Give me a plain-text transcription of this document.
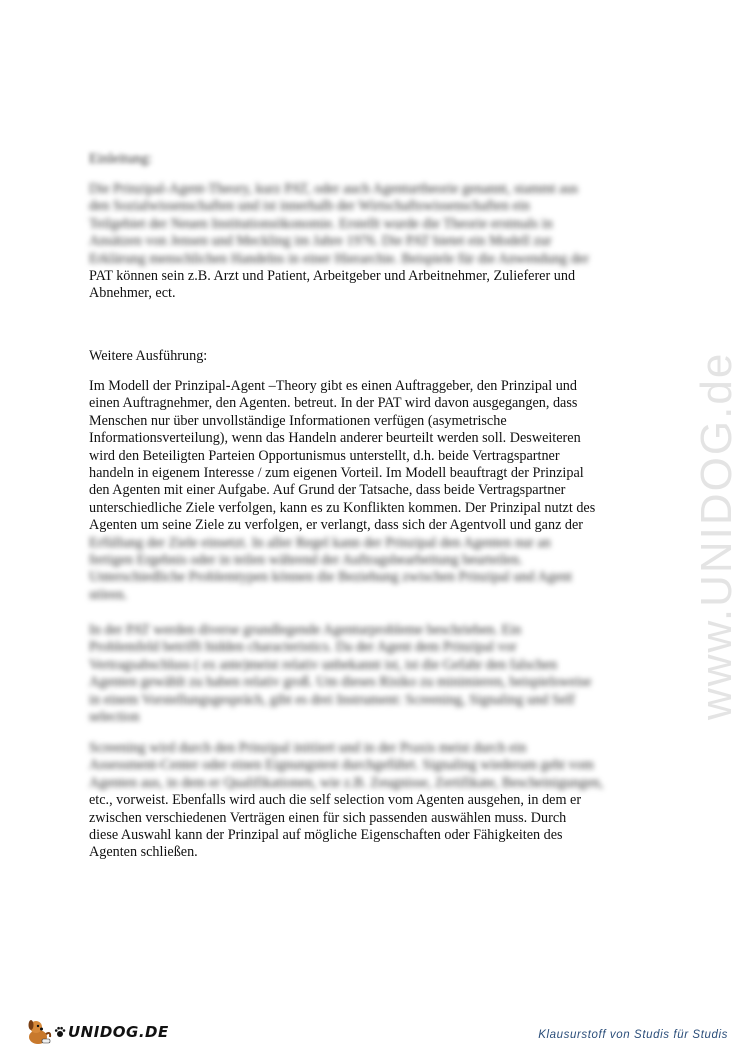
www.UNIDOG.de
Einleitung:

Die Prinzipal-Agent-Theory, kurz PAT, oder auch Agenturtheorie genannt, stammt aus

den Sozialwissenschaften und ist innerhalb der Wirtschaftswissenschaften ein

Teilgebiet der Neuen Institutionsökonomie. Erstellt wurde die Theorie erstmals in

Ansätzen von Jensen und Meckling im Jahre 1976. Die PAT bietet ein Modell zur

Erklärung menschlichen Handelns in einer Hierarchie. Beispiele für die Anwendung der

PAT können sein z.B. Arzt und Patient, Arbeitgeber und Arbeitnehmer, Zulieferer und

Abnehmer, ect.

Weitere Ausführung:

Im Modell der Prinzipal-Agent –Theory gibt es einen Auftraggeber, den Prinzipal und

einen Auftragnehmer, den Agenten. betreut. In der PAT wird davon ausgegangen, dass

Menschen nur über unvollständige Informationen verfügen (asymetrische

Informationsverteilung), wenn das Handeln anderer beurteilt werden soll. Desweiteren

wird den Beteiligten Parteien Opportunismus unterstellt, d.h. beide Vertragspartner

handeln in eigenem Interesse / zum eigenen Vorteil. Im Modell beauftragt der Prinzipal

den Agenten mit einer Aufgabe. Auf Grund der Tatsache, dass beide Vertragspartner

unterschiedliche Ziele verfolgen, kann es zu Konflikten kommen. Der Prinzipal nutzt des

Agenten um seine Ziele zu verfolgen, er verlangt, dass sich der Agentvoll und ganz der

Erfüllung der Ziele einsetzt. In aller Regel kann der Prinzipal den Agenten nur an

fertigen Ergebnis oder in teilen während der Auftragsbearbeitung beurteilen.

Unterschiedliche Problemtypen können die Beziehung zwischen Prinzipal und Agent

stören.

In der PAT werden diverse grundlegende Agenturprobleme beschrieben. Ein

Problemfeld betrifft hidden characteristics. Da der Agent dem Prinzipal vor

Vertragsabschluss ( ex ante)meist relativ unbekannt ist, ist die Gefahr den falschen

Agenten gewählt zu haben relativ groß. Um dieses Risiko zu minimieren, beispielsweise

in einem Vorstellungsgespräch, gibt es drei Instrument: Screening, Signaling und Self

selection

Screening wird durch den Prinzipal initiiert und in der Praxis meist durch ein

Assessment-Center oder einen Eignungstest durchgeführt. Signaling wiederum geht vom

Agenten aus, in dem er Qualifikationen, wie z.B. Zeugnisse, Zertifikate, Bescheinigungen,

etc., vorweist. Ebenfalls wird auch die self selection vom Agenten ausgehen, in dem er

zwischen verschiedenen Verträgen einen für sich passenden auswählen muss. Durch

diese Auswahl kann der Prinzipal auf mögliche Eigenschaften oder Fähigkeiten des

Agenten schließen.

UNIDOG.DE	Klausurstoff von Studis für Studis
